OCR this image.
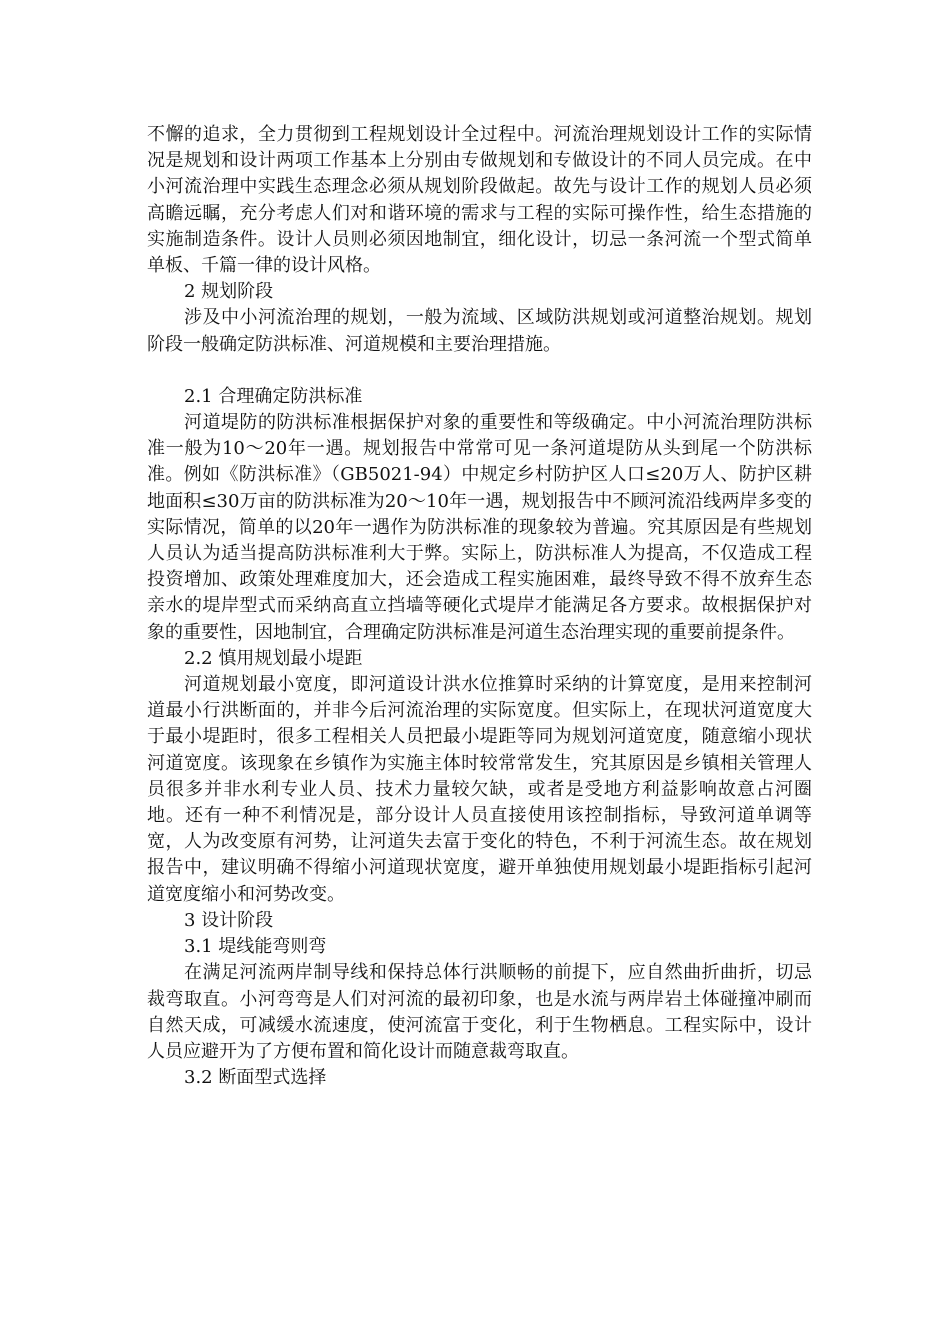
不懈的追求，全力贯彻到工程规划设计全过程中。河流治理规划设计工作的实际情况是规划和设计两项工作基本上分别由专做规划和专做设计的不同人员完成。在中小河流治理中实践生态理念必须从规划阶段做起。故先与设计工作的规划人员必须高瞻远瞩，充分考虑人们对和谐环境的需求与工程的实际可操作性，给生态措施的实施制造条件。设计人员则必须因地制宜，细化设计，切忌一条河流一个型式简单单板、千篇一律的设计风格。

2 规划阶段

涉及中小河流治理的规划，一般为流域、区域防洪规划或河道整治规划。规划阶段一般确定防洪标准、河道规模和主要治理措施。

2.1 合理确定防洪标准

河道堤防的防洪标准根据保护对象的重要性和等级确定。中小河流治理防洪标准一般为10～20年一遇。规划报告中常常可见一条河道堤防从头到尾一个防洪标准。例如《防洪标准》（GB5021-94）中规定乡村防护区人口≤20万人、防护区耕地面积≤30万亩的防洪标准为20～10年一遇，规划报告中不顾河流沿线两岸多变的实际情况，简单的以20年一遇作为防洪标准的现象较为普遍。究其原因是有些规划人员认为适当提高防洪标准利大于弊。实际上，防洪标准人为提高，不仅造成工程投资增加、政策处理难度加大，还会造成工程实施困难，最终导致不得不放弃生态亲水的堤岸型式而采纳高直立挡墙等硬化式堤岸才能满足各方要求。故根据保护对象的重要性，因地制宜，合理确定防洪标准是河道生态治理实现的重要前提条件。

2.2 慎用规划最小堤距

河道规划最小宽度，即河道设计洪水位推算时采纳的计算宽度，是用来控制河道最小行洪断面的，并非今后河流治理的实际宽度。但实际上，在现状河道宽度大于最小堤距时，很多工程相关人员把最小堤距等同为规划河道宽度，随意缩小现状河道宽度。该现象在乡镇作为实施主体时较常常发生，究其原因是乡镇相关管理人员很多并非水利专业人员、技术力量较欠缺，或者是受地方利益影响故意占河圈地。还有一种不利情况是，部分设计人员直接使用该控制指标，导致河道单调等宽，人为改变原有河势，让河道失去富于变化的特色，不利于河流生态。故在规划报告中，建议明确不得缩小河道现状宽度，避开单独使用规划最小堤距指标引起河道宽度缩小和河势改变。

3 设计阶段

3.1 堤线能弯则弯

在满足河流两岸制导线和保持总体行洪顺畅的前提下，应自然曲折曲折，切忌裁弯取直。小河弯弯是人们对河流的最初印象，也是水流与两岸岩土体碰撞冲刷而自然天成，可减缓水流速度，使河流富于变化，利于生物栖息。工程实际中，设计人员应避开为了方便布置和简化设计而随意裁弯取直。

3.2 断面型式选择
